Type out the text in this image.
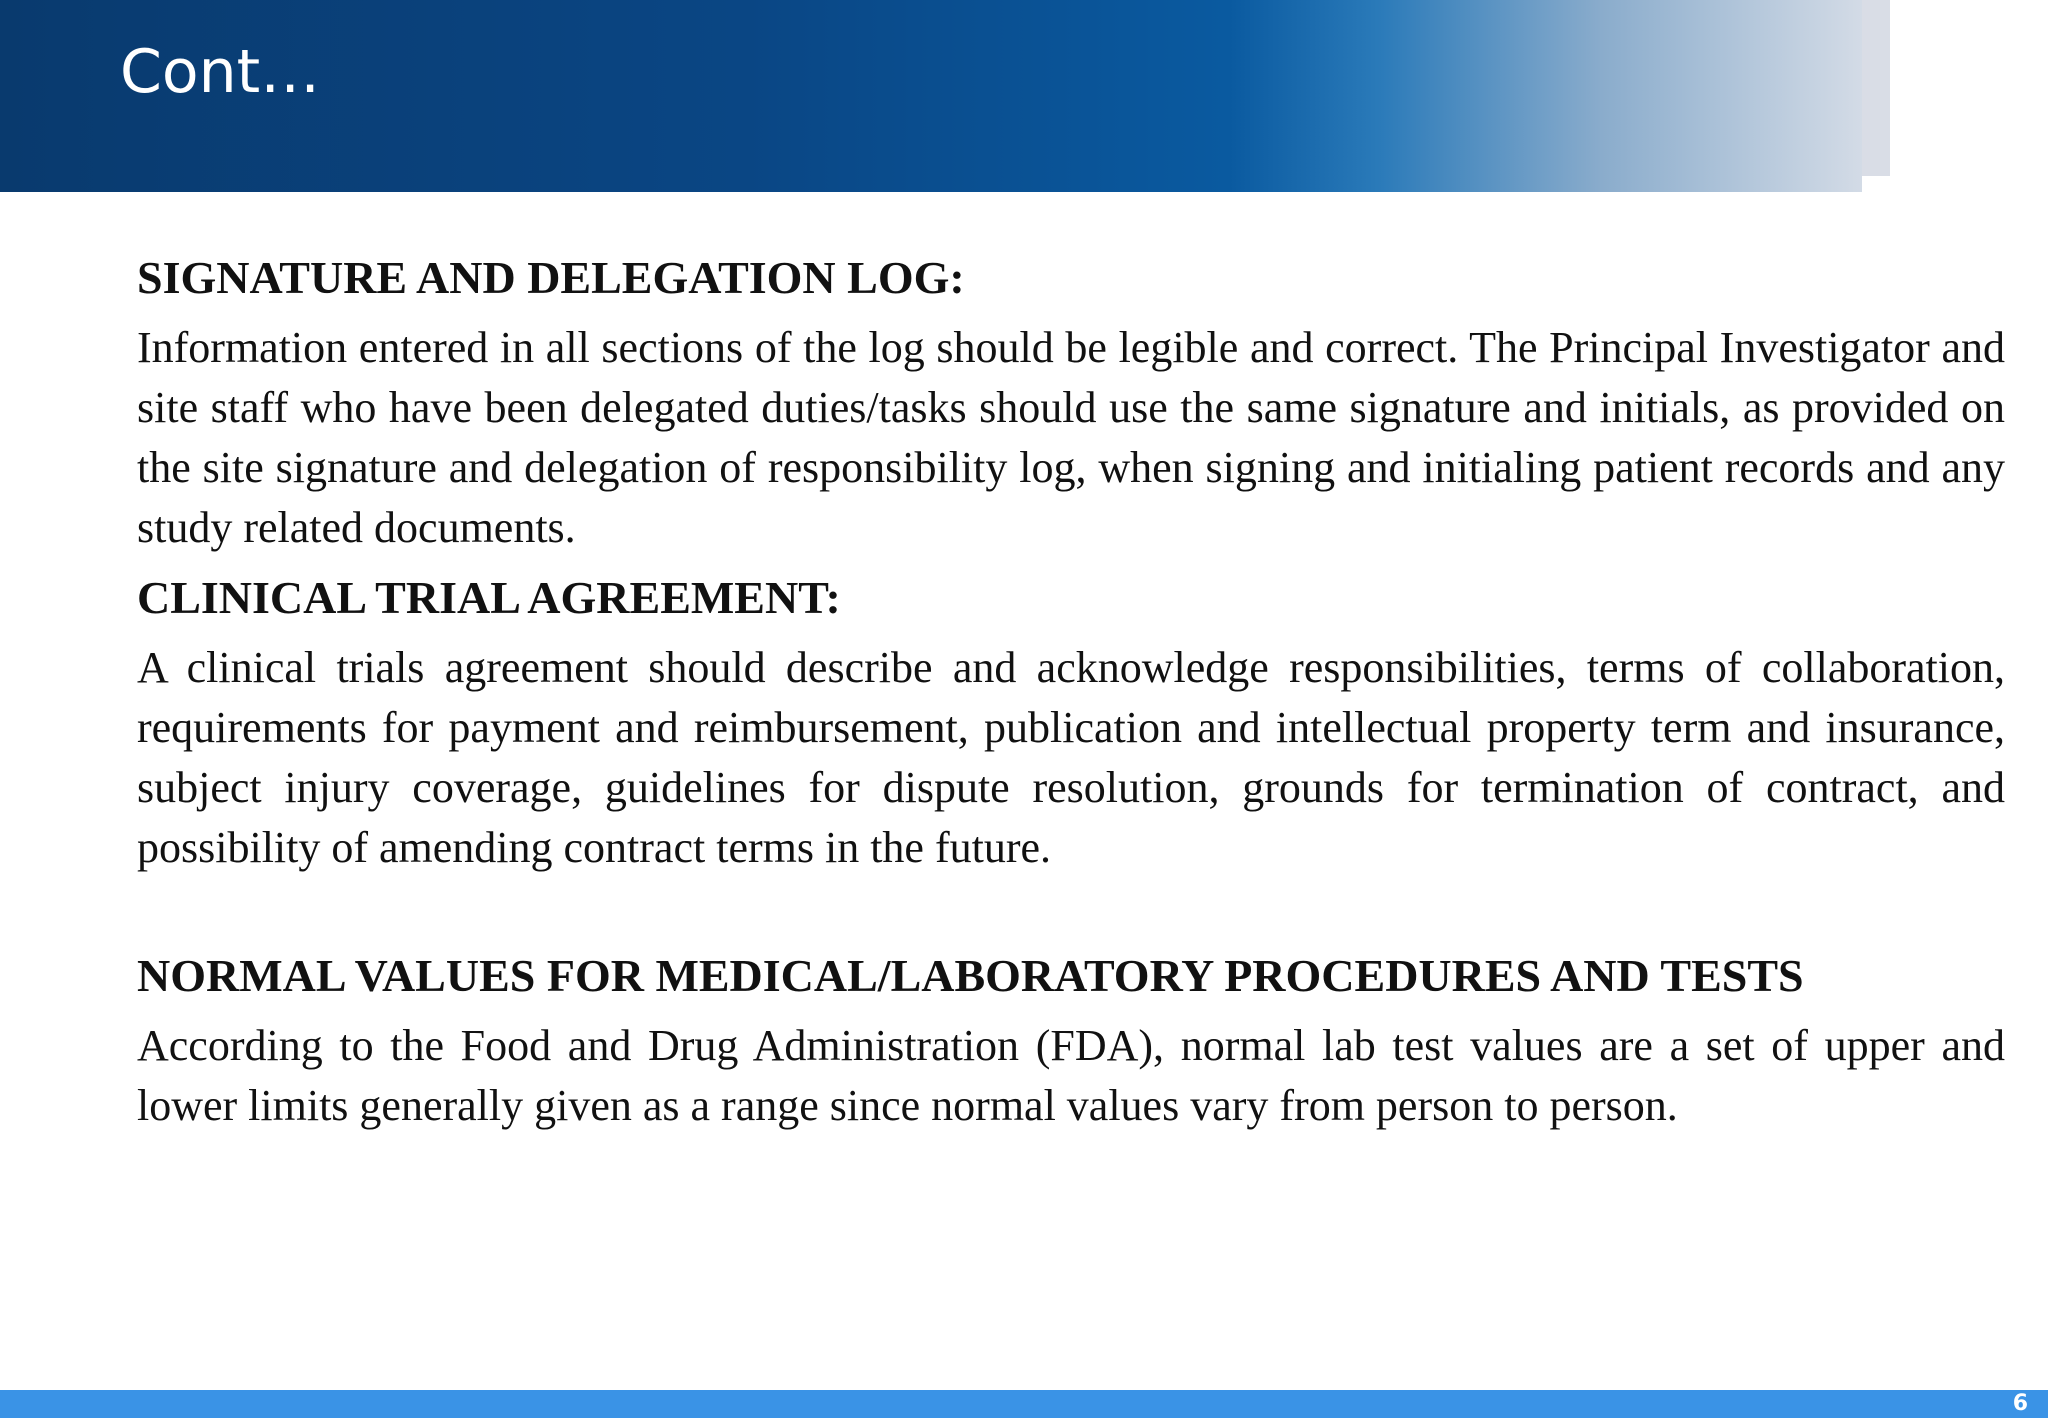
Cont…
SIGNATURE AND DELEGATION LOG:
Information entered in all sections of the log should be legible and correct. The Principal Investigator and site staff who have been delegated duties/tasks should use the same signature and initials, as provided on the site signature and delegation of responsibility log, when signing and initialing patient records and any study related documents.
CLINICAL TRIAL AGREEMENT:
A clinical trials agreement should describe and acknowledge responsibilities, terms of collaboration, requirements for payment and reimbursement, publication and intellectual property term and insurance, subject injury coverage, guidelines for dispute resolution, grounds for termination of contract, and possibility of amending contract terms in the future.
NORMAL VALUES FOR MEDICAL/LABORATORY PROCEDURES AND TESTS
According to the Food and Drug Administration (FDA), normal lab test values are a set of upper and lower limits generally given as a range since normal values vary from person to person.
6
